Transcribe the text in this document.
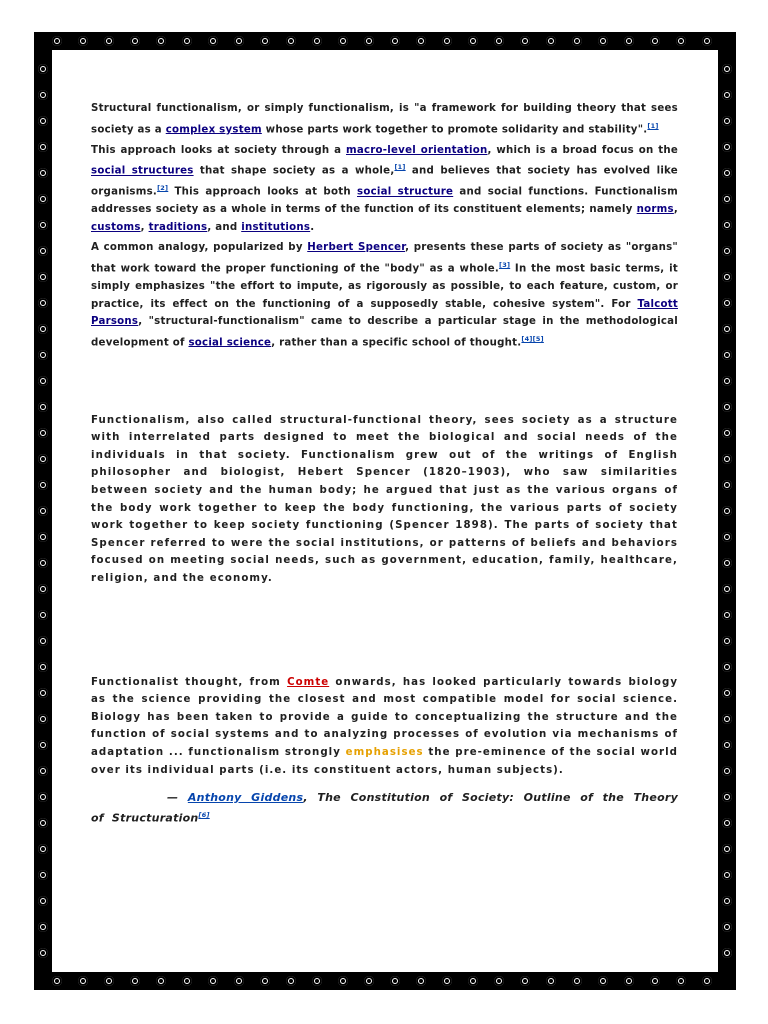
Structural functionalism, or simply functionalism, is "a framework for building theory that sees society as a complex system whose parts work together to promote solidarity and stability".[1]

This approach looks at society through a macro-level orientation, which is a broad focus on the social structures that shape society as a whole,[1] and believes that society has evolved like organisms.[2] This approach looks at both social structure and social functions. Functionalism addresses society as a whole in terms of the function of its constituent elements; namely norms, customs, traditions, and institutions.

A common analogy, popularized by Herbert Spencer, presents these parts of society as "organs" that work toward the proper functioning of the "body" as a whole.[3] In the most basic terms, it simply emphasizes "the effort to impute, as rigorously as possible, to each feature, custom, or practice, its effect on the functioning of a supposedly stable, cohesive system". For Talcott Parsons, "structural-functionalism" came to describe a particular stage in the methodological development of social science, rather than a specific school of thought.[4][5]

Functionalism, also called structural-functional theory, sees society as a structure with interrelated parts designed to meet the biological and social needs of the individuals in that society. Functionalism grew out of the writings of English philosopher and biologist, Hebert Spencer (1820–1903), who saw similarities between society and the human body; he argued that just as the various organs of the body work together to keep the body functioning, the various parts of society work together to keep society functioning (Spencer 1898). The parts of society that Spencer referred to were the social institutions, or patterns of beliefs and behaviors focused on meeting social needs, such as government, education, family, healthcare, religion, and the economy.

Functionalist thought, from Comte onwards, has looked particularly towards biology as the science providing the closest and most compatible model for social science. Biology has been taken to provide a guide to conceptualizing the structure and the function of social systems and to analyzing processes of evolution via mechanisms of adaptation ... functionalism strongly emphasises the pre-eminence of the social world over its individual parts (i.e. its constituent actors, human subjects).

— Anthony Giddens, The Constitution of Society: Outline of the Theory of Structuration[6]
